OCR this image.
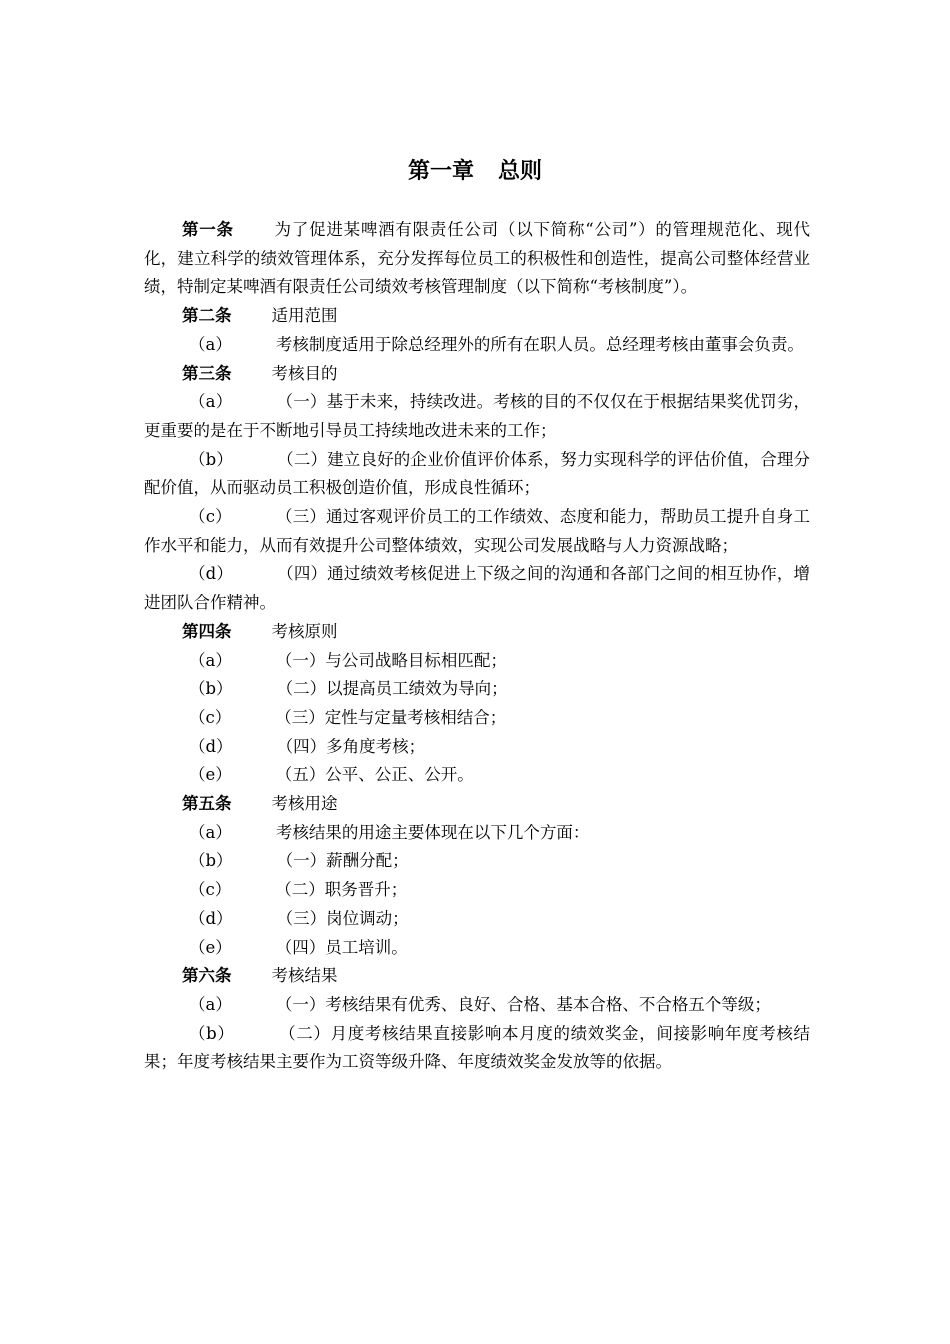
第一章 总则

第一条 为了促进某啤酒有限责任公司（以下简称“公司”）的管理规范化、现代化，建立科学的绩效管理体系，充分发挥每位员工的积极性和创造性，提高公司整体经营业绩，特制定某啤酒有限责任公司绩效考核管理制度（以下简称“考核制度”）。

第二条 适用范围

（a）	考核制度适用于除总经理外的所有在职人员。总经理考核由董事会负责。

第三条 考核目的

（a）	（一）基于未来，持续改进。考核的目的不仅仅在于根据结果奖优罚劣，更重要的是在于不断地引导员工持续地改进未来的工作；

（b）	（二）建立良好的企业价值评价体系，努力实现科学的评估价值，合理分配价值，从而驱动员工积极创造价值，形成良性循环；

（c）	（三）通过客观评价员工的工作绩效、态度和能力，帮助员工提升自身工作水平和能力，从而有效提升公司整体绩效，实现公司发展战略与人力资源战略；

（d）	（四）通过绩效考核促进上下级之间的沟通和各部门之间的相互协作，增进团队合作精神。

第四条 考核原则

（a）	（一）与公司战略目标相匹配；

（b）	（二）以提高员工绩效为导向；

（c）	（三）定性与定量考核相结合；

（d）	（四）多角度考核；

（e）	（五）公平、公正、公开。

第五条 考核用途

（a）	考核结果的用途主要体现在以下几个方面：

（b）	（一）薪酬分配；

（c）	（二）职务晋升；

（d）	（三）岗位调动；

（e）	（四）员工培训。

第六条 考核结果

（a）	（一）考核结果有优秀、良好、合格、基本合格、不合格五个等级；

（b）	（二）月度考核结果直接影响本月度的绩效奖金，间接影响年度考核结果；年度考核结果主要作为工资等级升降、年度绩效奖金发放等的依据。
